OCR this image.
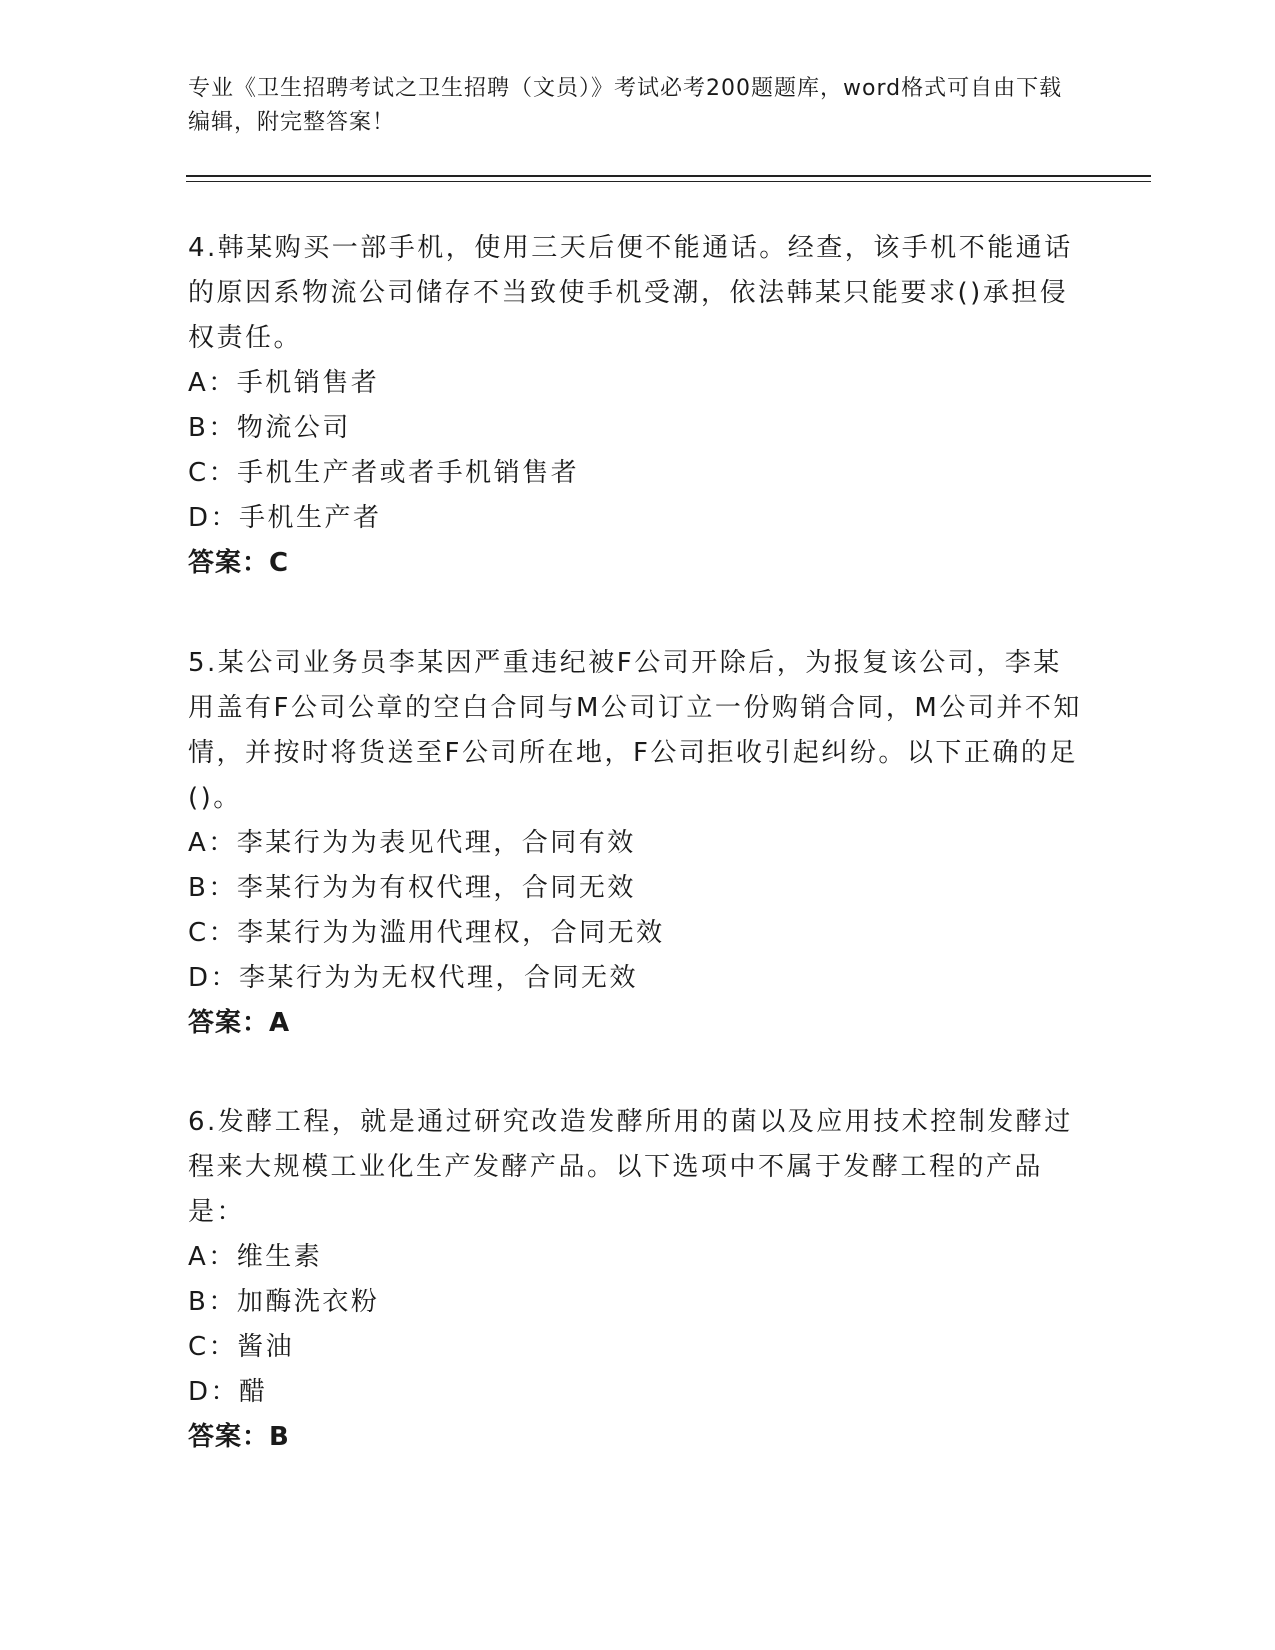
专业《卫生招聘考试之卫生招聘（文员）》考试必考200题题库，word格式可自由下载编辑，附完整答案！
4.韩某购买一部手机，使用三天后便不能通话。经查，该手机不能通话的原因系物流公司储存不当致使手机受潮，依法韩某只能要求()承担侵权责任。
A：手机销售者
B：物流公司
C：手机生产者或者手机销售者
D：手机生产者
答案：C
5.某公司业务员李某因严重违纪被F公司开除后，为报复该公司，李某用盖有F公司公章的空白合同与M公司订立一份购销合同，M公司并不知情，并按时将货送至F公司所在地，F公司拒收引起纠纷。以下正确的足()。
A：李某行为为表见代理，合同有效
B：李某行为为有权代理，合同无效
C：李某行为为滥用代理权，合同无效
D：李某行为为无权代理，合同无效
答案：A
6.发酵工程，就是通过研究改造发酵所用的菌以及应用技术控制发酵过程来大规模工业化生产发酵产品。以下选项中不属于发酵工程的产品是：
A：维生素
B：加酶洗衣粉
C：酱油
D：醋
答案：B
